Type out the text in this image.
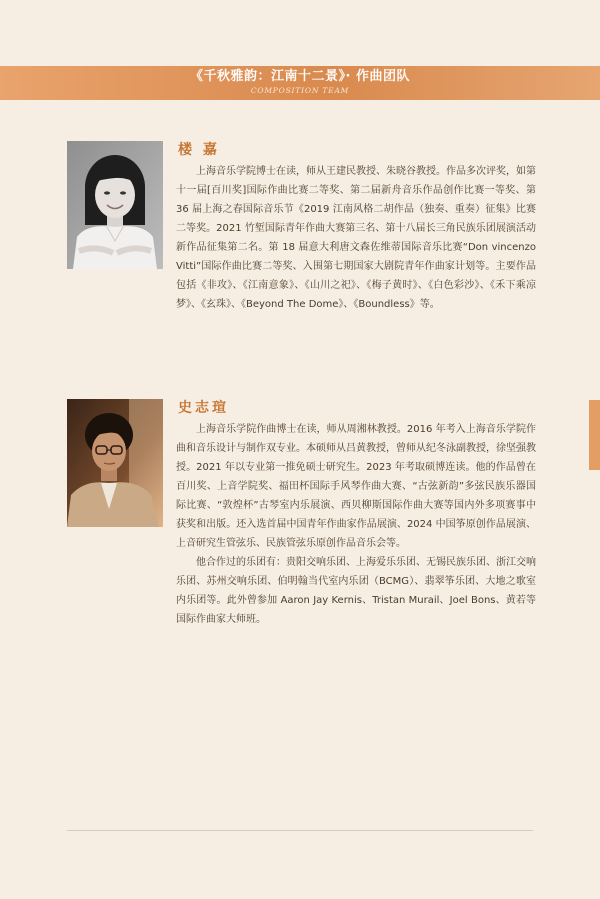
《千秋雅韵：江南十二景》· 作曲团队
COMPOSITION TEAM
楼 嘉

上海音乐学院博士在读，师从王建民教授、朱晓谷教授。作品多次评奖，如第十一届[百川奖]国际作曲比赛二等奖、第二届新舟音乐作品创作比赛一等奖、第 36 届上海之春国际音乐节《2019 江南风格二胡作品（独奏、重奏）征集》比赛二等奖。2021 竹堑国际青年作曲大赛第三名、第十八届长三角民族乐团展演活动新作品征集第二名。第 18 届意大利唐文森佐维蒂国际音乐比赛“Don vincenzo Vitti”国际作曲比赛二等奖、入围第七期国家大剧院青年作曲家计划等。主要作品包括《非攻》、《江南意象》、《山川之祀》、《梅子黄时》、《白色彩沙》、《禾下乘凉梦》、《玄珠》、《Beyond The Dome》、《Boundless》等。

史志瑄

上海音乐学院作曲博士在读，师从周湘林教授。2016 年考入上海音乐学院作曲和音乐设计与制作双专业。本硕师从吕黄教授，曾师从纪冬泳副教授，徐坚强教授。2021 年以专业第一推免硕士研究生。2023 年考取硕博连读。他的作品曾在百川奖、上音学院奖、福田杯国际手风琴作曲大赛、“古弦新韵”多弦民族乐器国际比赛、“敦煌杯”古琴室内乐展演、西贝柳斯国际作曲大赛等国内外多项赛事中获奖和出版。还入选首届中国青年作曲家作品展演、2024 中国筝原创作品展演、上音研究生管弦乐、民族管弦乐原创作品音乐会等。

他合作过的乐团有：贵阳交响乐团、上海爱乐乐团、无锡民族乐团、浙江交响乐团、苏州交响乐团、伯明翰当代室内乐团（BCMG）、翡翠筝乐团、大地之歌室内乐团等。此外曾参加 Aaron Jay Kernis、Tristan Murail、Joel Bons、黄若等国际作曲家大师班。
